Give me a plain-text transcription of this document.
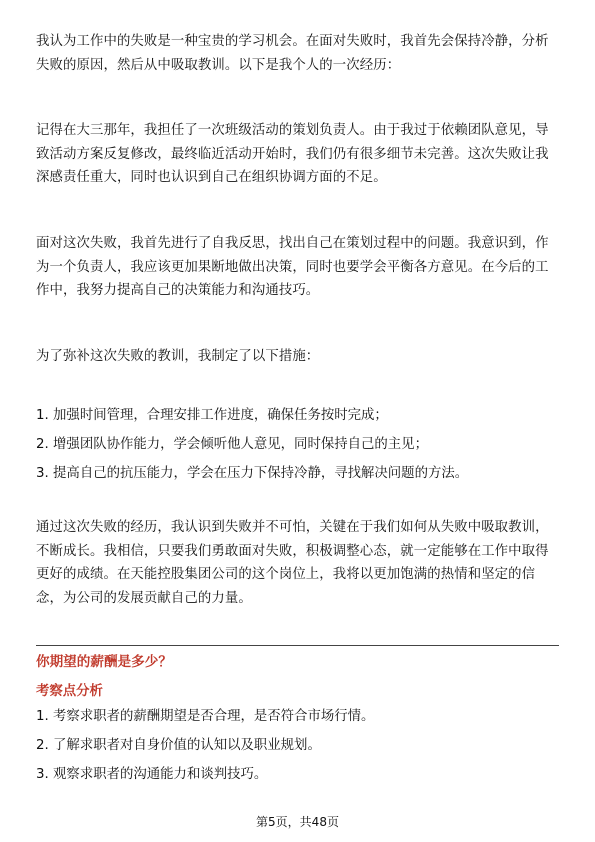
我认为工作中的失败是一种宝贵的学习机会。在面对失败时，我首先会保持冷静，分析失败的原因，然后从中吸取教训。以下是我个人的一次经历：

记得在大三那年，我担任了一次班级活动的策划负责人。由于我过于依赖团队意见，导致活动方案反复修改，最终临近活动开始时，我们仍有很多细节未完善。这次失败让我深感责任重大，同时也认识到自己在组织协调方面的不足。

面对这次失败，我首先进行了自我反思，找出自己在策划过程中的问题。我意识到，作为一个负责人，我应该更加果断地做出决策，同时也要学会平衡各方意见。在今后的工作中，我努力提高自己的决策能力和沟通技巧。

为了弥补这次失败的教训，我制定了以下措施：

1. 加强时间管理，合理安排工作进度，确保任务按时完成；

2. 增强团队协作能力，学会倾听他人意见，同时保持自己的主见；

3. 提高自己的抗压能力，学会在压力下保持冷静，寻找解决问题的方法。

通过这次失败的经历，我认识到失败并不可怕，关键在于我们如何从失败中吸取教训，不断成长。我相信，只要我们勇敢面对失败，积极调整心态，就一定能够在工作中取得更好的成绩。在天能控股集团公司的这个岗位上，我将以更加饱满的热情和坚定的信念，为公司的发展贡献自己的力量。

你期望的薪酬是多少？
考察点分析

1. 考察求职者的薪酬期望是否合理，是否符合市场行情。

2. 了解求职者对自身价值的认知以及职业规划。

3. 观察求职者的沟通能力和谈判技巧。

第5页，共48页
